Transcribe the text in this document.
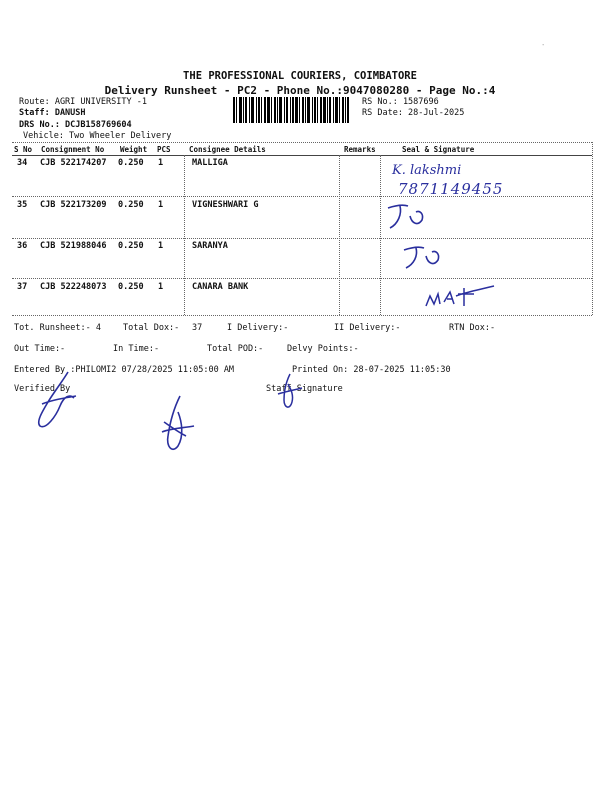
THE PROFESSIONAL COURIERS, COIMBATORE
Delivery Runsheet - PC2 - Phone No.:9047080280 - Page No.:4
Route: AGRI UNIVERSITY -1
Staff: DANUSH
DRS No.: DCJB158769604
Vehicle: Two Wheeler Delivery
RS No.: 1587696
RS Date: 28-Jul-2025
S No Consignment No Weight PCS Consignee Details	Remarks	Seal & Signature
34 CJB 522174207 0.250 1	MALLIGA
35 CJB 522173209 0.250 1	VIGNESHWARI G
36 CJB 521988046 0.250 1	SARANYA
37 CJB 522248073 0.250 1	CANARA BANK
K. lakshmi
7871149455
Tot. Runsheet:- 4	Total Dox:- 37	I Delivery:-	II Delivery:-	RTN Dox:-
Out Time:-	In Time:-	Total POD:-	Delvy Points:-
Entered By :PHILOMI2 07/28/2025 11:05:00 AM	Printed On: 28-07-2025 11:05:30
Verified By	Staff Signature
˙
